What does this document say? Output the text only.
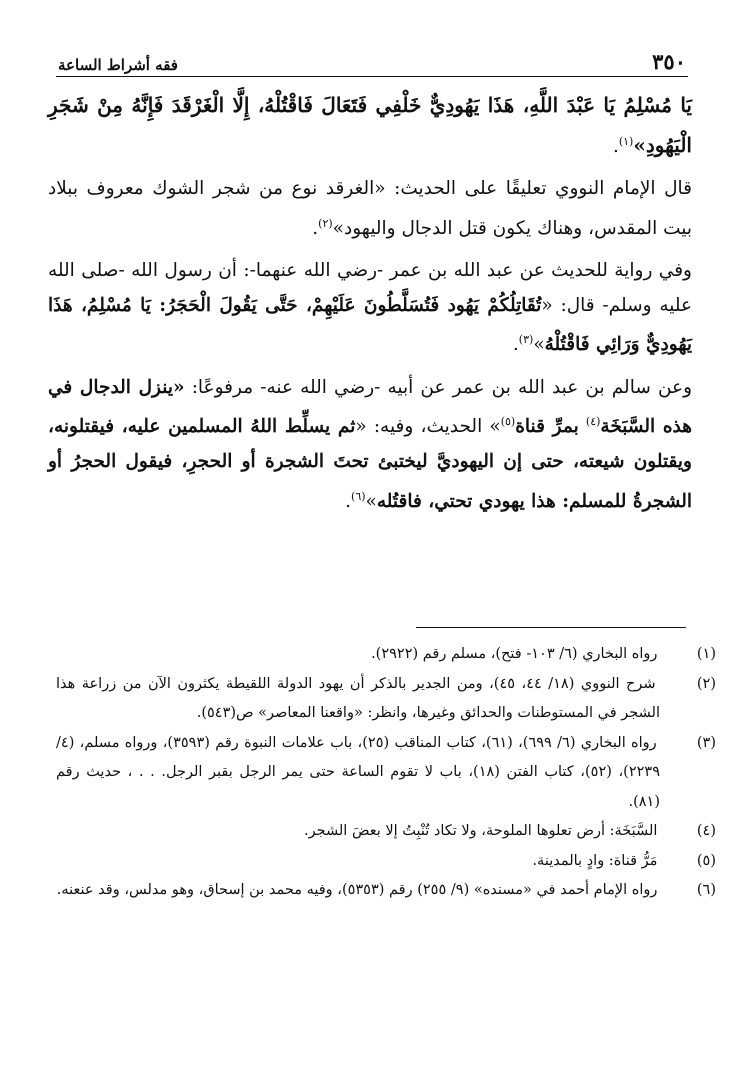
٣٥٠
فقه أشراط الساعة

يَا مُسْلِمُ يَا عَبْدَ اللَّهِ، هَذَا يَهُودِيٌّ خَلْفِي فَتَعَالَ فَاقْتُلْهُ، إِلَّا الْغَرْقَدَ فَإِنَّهُ مِنْ شَجَرِ الْيَهُودِ»$^{(١)}$.

قال الإمام النووي تعليقًا على الحديث: «الغرقد نوع من شجر الشوك معروف ببلاد بيت المقدس، وهناك يكون قتل الدجال واليهود»$^{(٢)}$.

وفي رواية للحديث عن عبد الله بن عمر -رضي الله عنهما-: أن رسول الله -صلى الله عليه وسلم- قال: «تُقَاتِلُكُمْ يَهُود فَتُسَلَّطُونَ عَلَيْهِمْ، حَتَّى يَقُولَ الْحَجَرُ: يَا مُسْلِمُ، هَذَا يَهُودِيٌّ وَرَائِي فَاقْتُلْهُ»$^{(٣)}$.

وعن سالم بن عبد الله بن عمر عن أبيه -رضي الله عنه- مرفوعًا: «ينزل الدجال في هذه السَّبَخَة$^{(٤)}$ بمرِّ قناة$^{(٥)}$» الحديث، وفيه: «ثم يسلِّط اللهُ المسلمين عليه، فيقتلونه، ويقتلون شيعته، حتى إن اليهوديَّ ليختبئ تحتَ الشجرة أو الحجرِ، فيقول الحجرُ أو الشجرةُ للمسلم: هذا يهودي تحتي، فاقتُله»$^{(٦)}$.

(١) رواه البخاري (٦/ ١٠٣- فتح)، مسلم رقم (٢٩٢٢).

(٢) شرح النووي (١٨/ ٤٤، ٤٥)، ومن الجدير بالذكر أن يهود الدولة اللقيطة يكثرون الآن من زراعة هذا الشجر في المستوطنات والحدائق وغيرها، وانظر: «واقعنا المعاصر» ص(٥٤٣).

(٣) رواه البخاري (٦/ ٦٩٩)، (٦١)، كتاب المناقب (٢٥)، باب علامات النبوة رقم (٣٥٩٣)، ورواه مسلم، (٤/ ٢٢٣٩)، (٥٢)، كتاب الفتن (١٨)، باب لا تقوم الساعة حتى يمر الرجل بقبر الرجل. . . ، حديث رقم (٨١).

(٤) السَّبَخَة: أرض تعلوها الملوحة، ولا تكاد تُنْبِتُ إلا بعضَ الشجر.

(٥) مَرُّ قناة: وادٍ بالمدينة.

(٦) رواه الإمام أحمد في «مسنده» (٩/ ٢٥٥) رقم (٥٣٥٣)، وفيه محمد بن إسحاق، وهو مدلس، وقد عنعنه.
